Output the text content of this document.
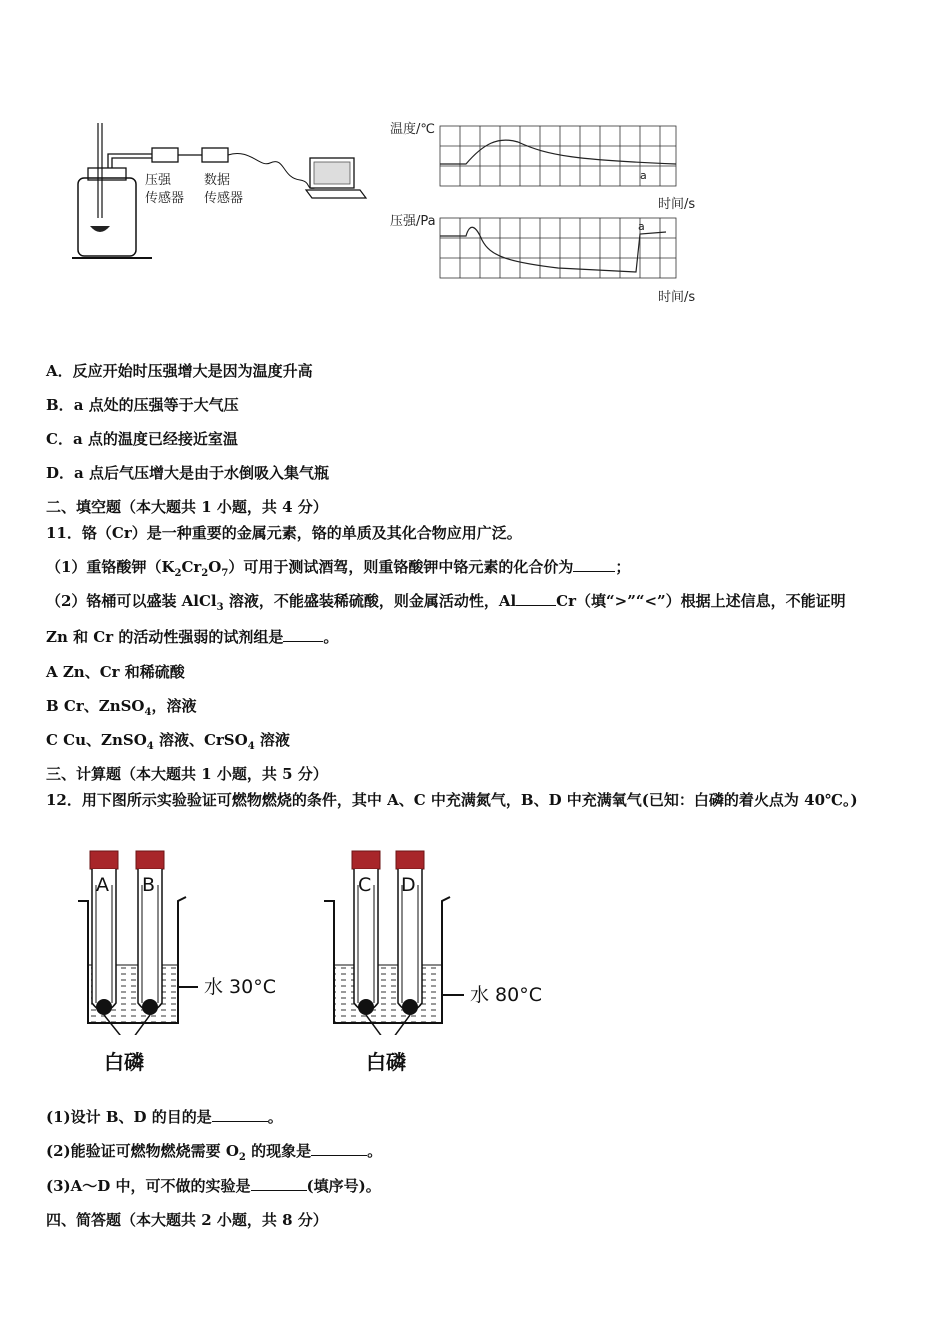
压强
传感器
数据
传感器
温度/℃
a
时间/s
压强/Pa	a
时间/s
A．反应开始时压强增大是因为温度升高
B．a 点处的压强等于大气压
C．a 点的温度已经接近室温
D．a 点后气压增大是由于水倒吸入集气瓶
二、填空题（本大题共 1 小题，共 4 分）
11．铬（Cr）是一种重要的金属元素，铬的单质及其化合物应用广泛。
（1）重铬酸钾$(K_2Cr_2O_7)$可用于测试酒驾，则重铬酸钾中铬元素的化合价为	；
（2）铬桶可以盛装 AlCl$_3$ 溶液，不能盛装稀硫酸，则金属活动性，Al	Cr（填“>”“<”）根据上述信息，不能证明
Zn 和 Cr 的活动性强弱的试剂组是	。
A Zn、Cr 和稀硫酸
B Cr、ZnSO$_4$，溶液
C Cu、ZnSO$_4$ 溶液、CrSO$_4$ 溶液
三、计算题（本大题共 1 小题，共 5 分）
12．用下图所示实验验证可燃物燃烧的条件，其中 A、C 中充满氮气，B、D 中充满氧气(已知：白磷的着火点为 40℃。)
A B	C D
水 30°C	水 80°C
白磷	白磷
(1)设计 B、D 的目的是	。
(2)能验证可燃物燃烧需要 $O_2$ 的现象是	。
(3)A～D 中，可不做的实验是	(填序号)。
四、简答题（本大题共 2 小题，共 8 分）
